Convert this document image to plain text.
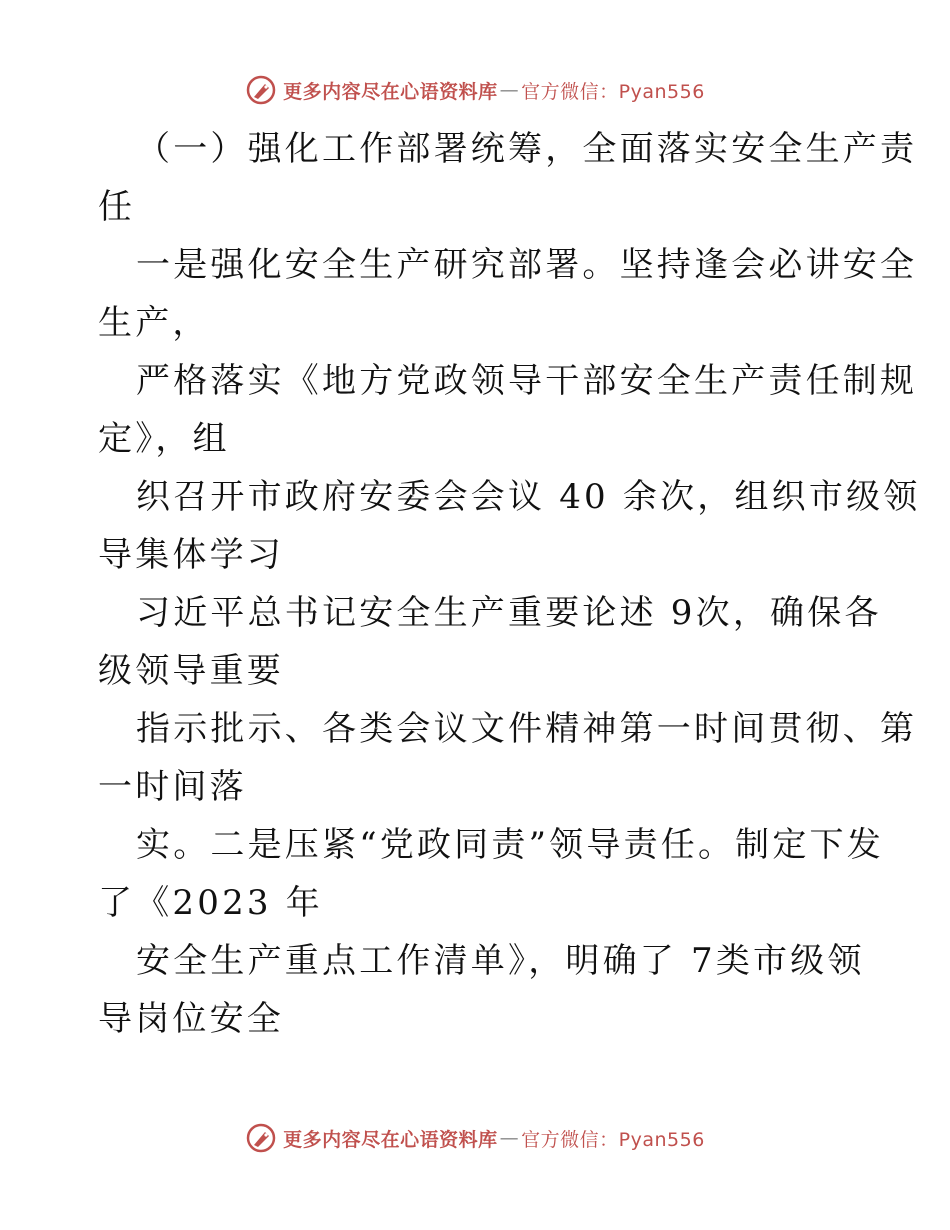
更多内容尽在心语资料库 — 官方微信：Pyan556
（一）强化工作部署统筹，全面落实安全生产责
任
一是强化安全生产研究部署。坚持逢会必讲安全
生产，
严格落实《地方党政领导干部安全生产责任制规
定》，组
织召开市政府安委会会议 40 余次，组织市级领
导集体学习
习近平总书记安全生产重要论述 9次，确保各
级领导重要
指示批示、各类会议文件精神第一时间贯彻、第
一时间落
实。二是压紧“党政同责”领导责任。制定下发
了《2023 年
安全生产重点工作清单》，明确了 7类市级领
导岗位安全
更多内容尽在心语资料库 — 官方微信：Pyan556
